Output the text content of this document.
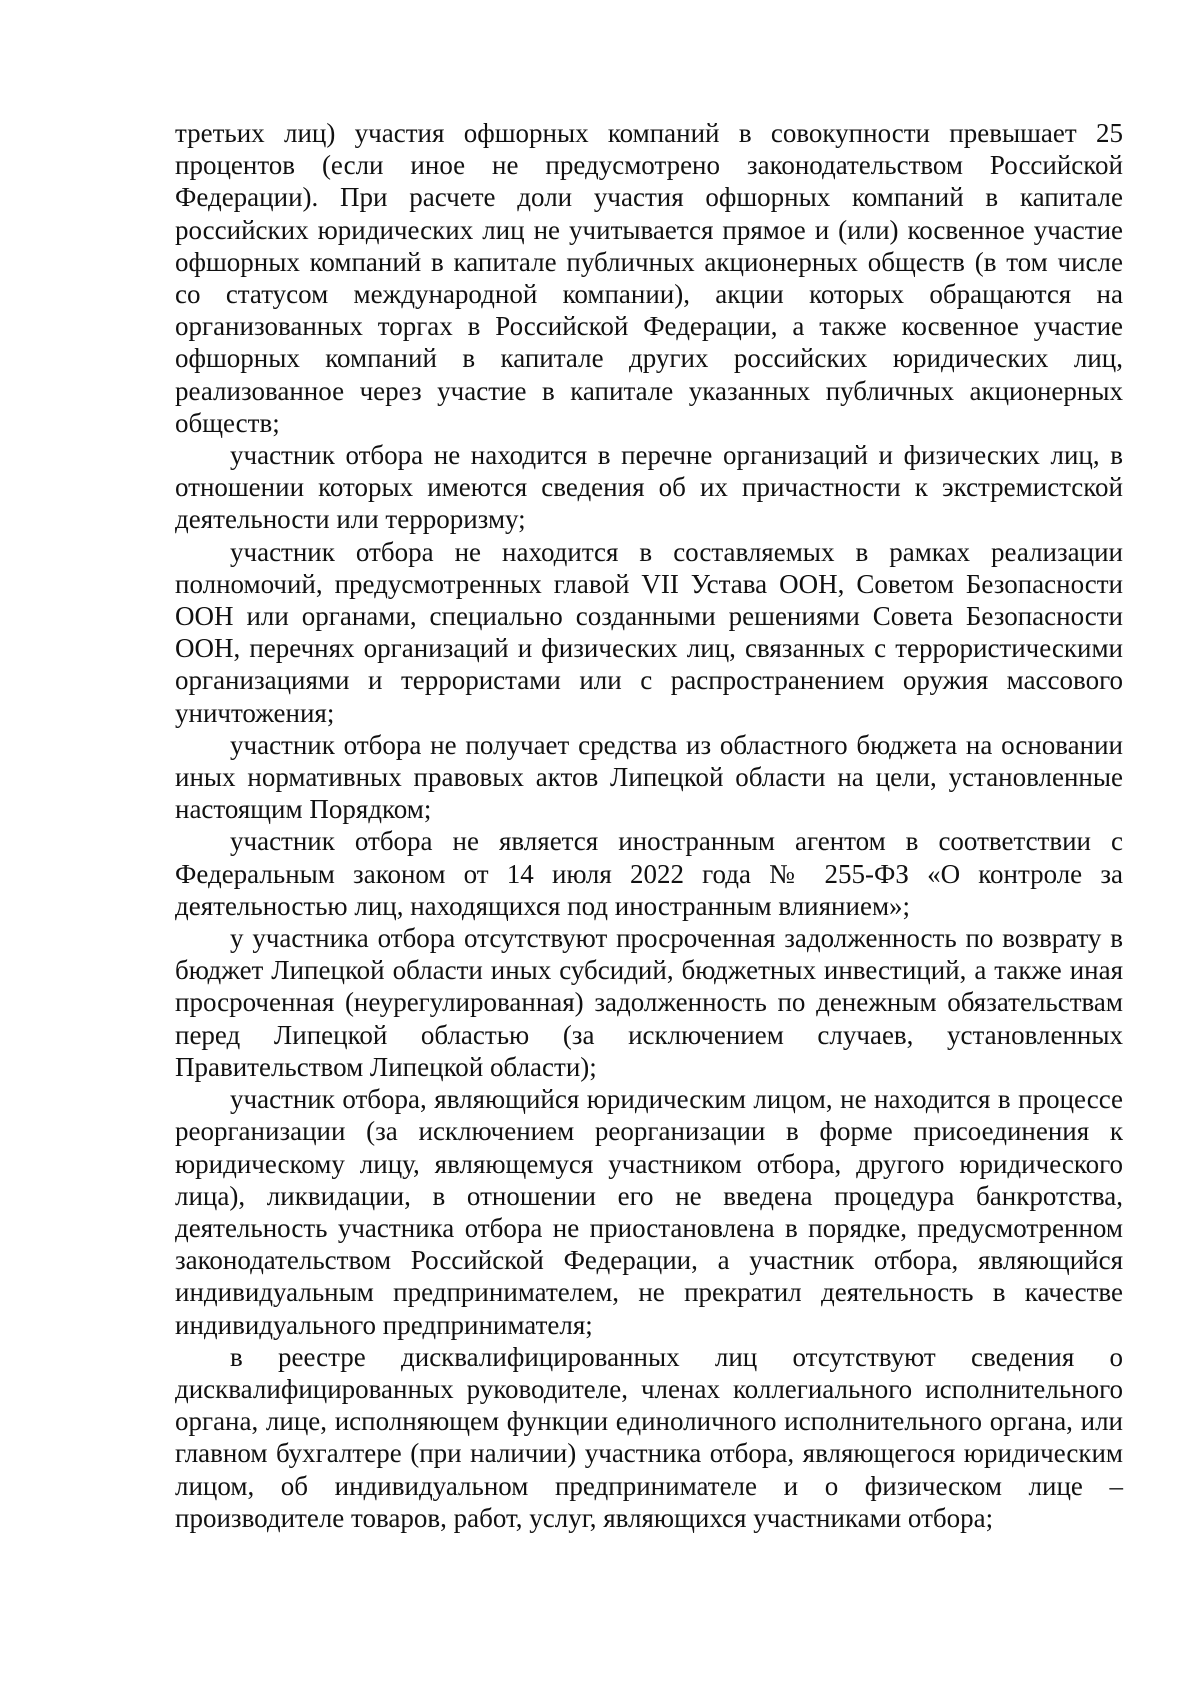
третьих лиц) участия офшорных компаний в совокупности превышает 25 процентов (если иное не предусмотрено законодательством Российской Федерации). При расчете доли участия офшорных компаний в капитале российских юридических лиц не учитывается прямое и (или) косвенное участие офшорных компаний в капитале публичных акционерных обществ (в том числе со статусом международной компании), акции которых обращаются на организованных торгах в Российской Федерации, а также косвенное участие офшорных компаний в капитале других российских юридических лиц, реализованное через участие в капитале указанных публичных акционерных обществ;

участник отбора не находится в перечне организаций и физических лиц, в отношении которых имеются сведения об их причастности к экстремистской деятельности или терроризму;

участник отбора не находится в составляемых в рамках реализации полномочий, предусмотренных главой VII Устава ООН, Советом Безопасности ООН или органами, специально созданными решениями Совета Безопасности ООН, перечнях организаций и физических лиц, связанных с террористическими организациями и террористами или с распространением оружия массового уничтожения;

участник отбора не получает средства из областного бюджета на основании иных нормативных правовых актов Липецкой области на цели, установленные настоящим Порядком;

участник отбора не является иностранным агентом в соответствии с Федеральным законом от 14 июля 2022 года № 255-ФЗ «О контроле за деятельностью лиц, находящихся под иностранным влиянием»;

у участника отбора отсутствуют просроченная задолженность по возврату в бюджет Липецкой области иных субсидий, бюджетных инвестиций, а также иная просроченная (неурегулированная) задолженность по денежным обязательствам перед Липецкой областью (за исключением случаев, установленных Правительством Липецкой области);

участник отбора, являющийся юридическим лицом, не находится в процессе реорганизации (за исключением реорганизации в форме присоединения к юридическому лицу, являющемуся участником отбора, другого юридического лица), ликвидации, в отношении его не введена процедура банкротства, деятельность участника отбора не приостановлена в порядке, предусмотренном законодательством Российской Федерации, а участник отбора, являющийся индивидуальным предпринимателем, не прекратил деятельность в качестве индивидуального предпринимателя;

в реестре дисквалифицированных лиц отсутствуют сведения о дисквалифицированных руководителе, членах коллегиального исполнительного органа, лице, исполняющем функции единоличного исполнительного органа, или главном бухгалтере (при наличии) участника отбора, являющегося юридическим лицом, об индивидуальном предпринимателе и о физическом лице – производителе товаров, работ, услуг, являющихся участниками отбора;
